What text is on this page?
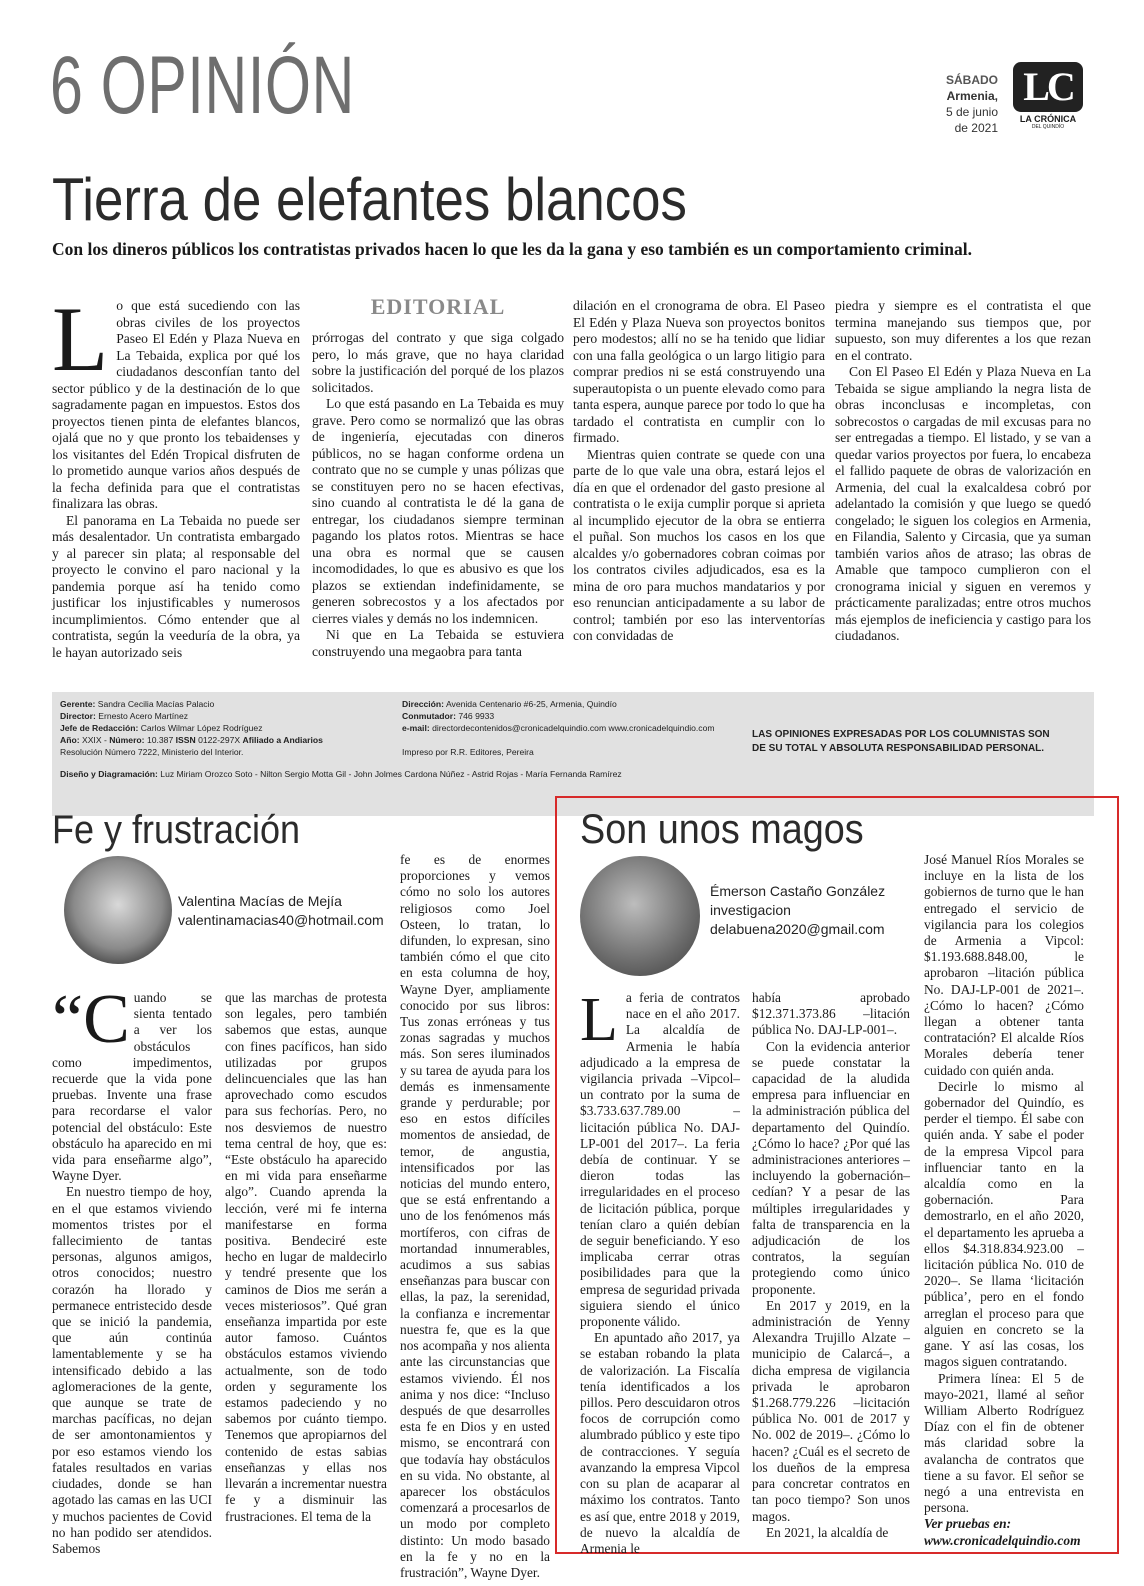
6 OPINIÓN	SÁBADO
Armenia,
5 de junio
de 2021
LC
LA CRÓNICA
DEL QUINDÍO
Tierra de elefantes blancos
Con los dineros públicos los contratistas privados hacen lo que les da la gana y eso también es un comportamiento criminal.
EDITORIAL
L o que está sucediendo con las obras civiles de los proyectos Paseo El Edén y Plaza Nueva en La Tebaida, explica por qué los ciudadanos desconfían tanto del sector público y de la destinación de lo que sagradamente pagan en impuestos. Estos dos proyectos tienen pinta de elefantes blancos, ojalá que no y que pronto los tebaidenses y los visitantes del Edén Tropical disfruten de lo prometido aunque varios años después de la fecha definida para que el contratistas finalizara las obras.

El panorama en La Tebaida no puede ser más desalentador. Un contratista embargado y al parecer sin plata; al responsable del proyecto le convino el paro nacional y la pandemia porque así ha tenido como justificar los injustificables y numerosos incumplimientos. Cómo entender que al contratista, según la veeduría de la obra, ya le hayan autorizado seis

prórrogas del contrato y que siga colgado pero, lo más grave, que no haya claridad sobre la justificación del porqué de los plazos solicitados.

Lo que está pasando en La Tebaida es muy grave. Pero como se normalizó que las obras de ingeniería, ejecutadas con dineros públicos, no se hagan conforme ordena un contrato que no se cumple y unas pólizas que se constituyen pero no se hacen efectivas, sino cuando al contratista le dé la gana de entregar, los ciudadanos siempre terminan pagando los platos rotos. Mientras se hace una obra es normal que se causen incomodidades, lo que es abusivo es que los plazos se extiendan indefinidamente, se generen sobrecostos y a los afectados por cierres viales y demás no los indemnicen.

Ni que en La Tebaida se estuviera construyendo una megaobra para tanta

dilación en el cronograma de obra. El Paseo El Edén y Plaza Nueva son proyectos bonitos pero modestos; allí no se ha tenido que lidiar con una falla geológica o un largo litigio para comprar predios ni se está construyendo una superautopista o un puente elevado como para tanta espera, aunque parece por todo lo que ha tardado el contratista en cumplir con lo firmado.

Mientras quien contrate se quede con una parte de lo que vale una obra, estará lejos el día en que el ordenador del gasto presione al contratista o le exija cumplir porque si aprieta al incumplido ejecutor de la obra se entierra el puñal. Son muchos los casos en los que alcaldes y/o gobernadores cobran coimas por los contratos civiles adjudicados, esa es la mina de oro para muchos mandatarios y por eso renuncian anticipadamente a su labor de control; también por eso las interventorías con convidadas de

piedra y siempre es el contratista el que termina manejando sus tiempos que, por supuesto, son muy diferentes a los que rezan en el contrato.

Con El Paseo El Edén y Plaza Nueva en La Tebaida se sigue ampliando la negra lista de obras inconclusas e incompletas, con sobrecostos o cargadas de mil excusas para no ser entregadas a tiempo. El listado, y se van a quedar varios proyectos por fuera, lo encabeza el fallido paquete de obras de valorización en Armenia, del cual la exalcaldesa cobró por adelantado la comisión y que luego se quedó congelado; le siguen los colegios en Armenia, en Filandia, Salento y Circasia, que ya suman también varios años de atraso; las obras de Amable que tampoco cumplieron con el cronograma inicial y siguen en veremos y prácticamente paralizadas; entre otros muchos más ejemplos de ineficiencia y castigo para los ciudadanos.

Gerente: Sandra Cecilia Macías Palacio
Director: Ernesto Acero Martínez
Jefe de Redacción: Carlos Wilmar López Rodríguez
Año: XXIX - Número: 10.387 ISSN 0122-297X Afiliado a Andiarios
Resolución Número 7222, Ministerio del Interior.
Diseño y Diagramación: Luz Miriam Orozco Soto - Nilton Sergio Motta Gil - John Jolmes Cardona Núñez - Astrid Rojas - María Fernanda Ramírez
Dirección: Avenida Centenario #6-25, Armenia, Quindío
Conmutador: 746 9933
e-mail: directordecontenidos@cronicadelquindio.com www.cronicadelquindio.com
Impreso por R.R. Editores, Pereira
LAS OPINIONES EXPRESADAS POR LOS COLUMNISTAS SON DE SU TOTAL Y ABSOLUTA RESPONSABILIDAD PERSONAL.
Fe y frustración
Valentina Macías de Mejía
valentinamacias40@hotmail.com
“C uando se sienta tentado a ver los obstáculos como impedimentos, recuerde que la vida pone pruebas. Invente una frase para recordarse el valor potencial del obstáculo: Este obstáculo ha aparecido en mi vida para enseñarme algo”, Wayne Dyer.

En nuestro tiempo de hoy, en el que estamos viviendo momentos tristes por el fallecimiento de tantas personas, algunos amigos, otros conocidos; nuestro corazón ha llorado y permanece entristecido desde que se inició la pandemia, que aún continúa lamentablemente y se ha intensificado debido a las aglomeraciones de la gente, que aunque se trate de marchas pacíficas, no dejan de ser amontonamientos y por eso estamos viendo los fatales resultados en varias ciudades, donde se han agotado las camas en las UCI y muchos pacientes de Covid no han podido ser atendidos. Sabemos

que las marchas de protesta son legales, pero también sabemos que estas, aunque con fines pacíficos, han sido utilizadas por grupos delincuenciales que las han aprovechado como escudos para sus fechorías. Pero, no nos desviemos de nuestro tema central de hoy, que es: “Este obstáculo ha aparecido en mi vida para enseñarme algo”. Cuando aprenda la lección, veré mi fe interna manifestarse en forma positiva. Bendeciré este hecho en lugar de maldecirlo y tendré presente que los caminos de Dios me serán a veces misteriosos”. Qué gran enseñanza impartida por este autor famoso. Cuántos obstáculos estamos viviendo actualmente, son de todo orden y seguramente los estamos padeciendo y no sabemos por cuánto tiempo. Tenemos que apropiarnos del contenido de estas sabias enseñanzas y ellas nos llevarán a incrementar nuestra fe y a disminuir las frustraciones. El tema de la

fe es de enormes proporciones y vemos cómo no solo los autores religiosos como Joel Osteen, lo tratan, lo difunden, lo expresan, sino también cómo el que cito en esta columna de hoy, Wayne Dyer, ampliamente conocido por sus libros: Tus zonas erróneas y tus zonas sagradas y muchos más. Son seres iluminados y su tarea de ayuda para los demás es inmensamente grande y perdurable; por eso en estos difíciles momentos de ansiedad, de temor, de angustia, intensificados por las noticias del mundo entero, que se está enfrentando a uno de los fenómenos más mortíferos, con cifras de mortandad innumerables, acudimos a sus sabias enseñanzas para buscar con ellas, la paz, la serenidad, la confianza e incrementar nuestra fe, que es la que nos acompaña y nos alienta ante las circunstancias que estamos viviendo. Él nos anima y nos dice: “Incluso después de que desarrolles esta fe en Dios y en usted mismo, se encontrará con que todavía hay obstáculos en su vida. No obstante, al aparecer los obstáculos comenzará a procesarlos de un modo por completo distinto: Un modo basado en la fe y no en la frustración”, Wayne Dyer.

Son unos magos
Émerson Castaño González
investigacion
delabuena2020@gmail.com
L a feria de contratos nace en el año 2017. La alcaldía de Armenia le había adjudicado a la empresa de vigilancia privada –Vipcol– un contrato por la suma de $3.733.637.789.00 –licitación pública No. DAJ-LP-001 del 2017–. La feria debía de continuar. Y se dieron todas las irregularidades en el proceso de licitación pública, porque tenían claro a quién debían de seguir beneficiando. Y eso implicaba cerrar otras posibilidades para que la empresa de seguridad privada siguiera siendo el único proponente válido.

En apuntado año 2017, ya se estaban robando la plata de valorización. La Fiscalía tenía identificados a los pillos. Pero descuidaron otros focos de corrupción como alumbrado público y este tipo de contracciones. Y seguía avanzando la empresa Vipcol con su plan de acaparar al máximo los contratos. Tanto es así que, entre 2018 y 2019, de nuevo la alcaldía de Armenia le

había aprobado $12.371.373.86 –litación pública No. DAJ-LP-001–.

Con la evidencia anterior se puede constatar la capacidad de la aludida empresa para influenciar en la administración pública del departamento del Quindío. ¿Cómo lo hace? ¿Por qué las administraciones anteriores –incluyendo la gobernación– cedían? Y a pesar de las múltiples irregularidades y falta de transparencia en la adjudicación de los contratos, la seguían protegiendo como único proponente.

En 2017 y 2019, en la administración de Yenny Alexandra Trujillo Alzate –municipio de Calarcá–, a dicha empresa de vigilancia privada le aprobaron $1.268.779.226 –licitación pública No. 001 de 2017 y No. 002 de 2019–. ¿Cómo lo hacen? ¿Cuál es el secreto de los dueños de la empresa para concretar contratos en tan poco tiempo? Son unos magos.

En 2021, la alcaldía de

José Manuel Ríos Morales se incluye en la lista de los gobiernos de turno que le han entregado el servicio de vigilancia para los colegios de Armenia a Vipcol: $1.193.688.848.00, le aprobaron –litación pública No. DAJ-LP-001 de 2021–. ¿Cómo lo hacen? ¿Cómo llegan a obtener tanta contratación? El alcalde Ríos Morales debería tener cuidado con quién anda.

Decirle lo mismo al gobernador del Quindío, es perder el tiempo. Él sabe con quién anda. Y sabe el poder de la empresa Vipcol para influenciar tanto en la alcaldía como en la gobernación. Para demostrarlo, en el año 2020, el departamento les aprueba a ellos $4.318.834.923.00 –licitación pública No. 010 de 2020–. Se llama ‘licitación pública’, pero en el fondo arreglan el proceso para que alguien en concreto se la gane. Y así las cosas, los magos siguen contratando.

Primera línea: El 5 de mayo-2021, llamé al señor William Alberto Rodríguez Díaz con el fin de obtener más claridad sobre la avalancha de contratos que tiene a su favor. El señor se negó a una entrevista en persona.

Ver pruebas en:
www.cronicadelquindio.com
